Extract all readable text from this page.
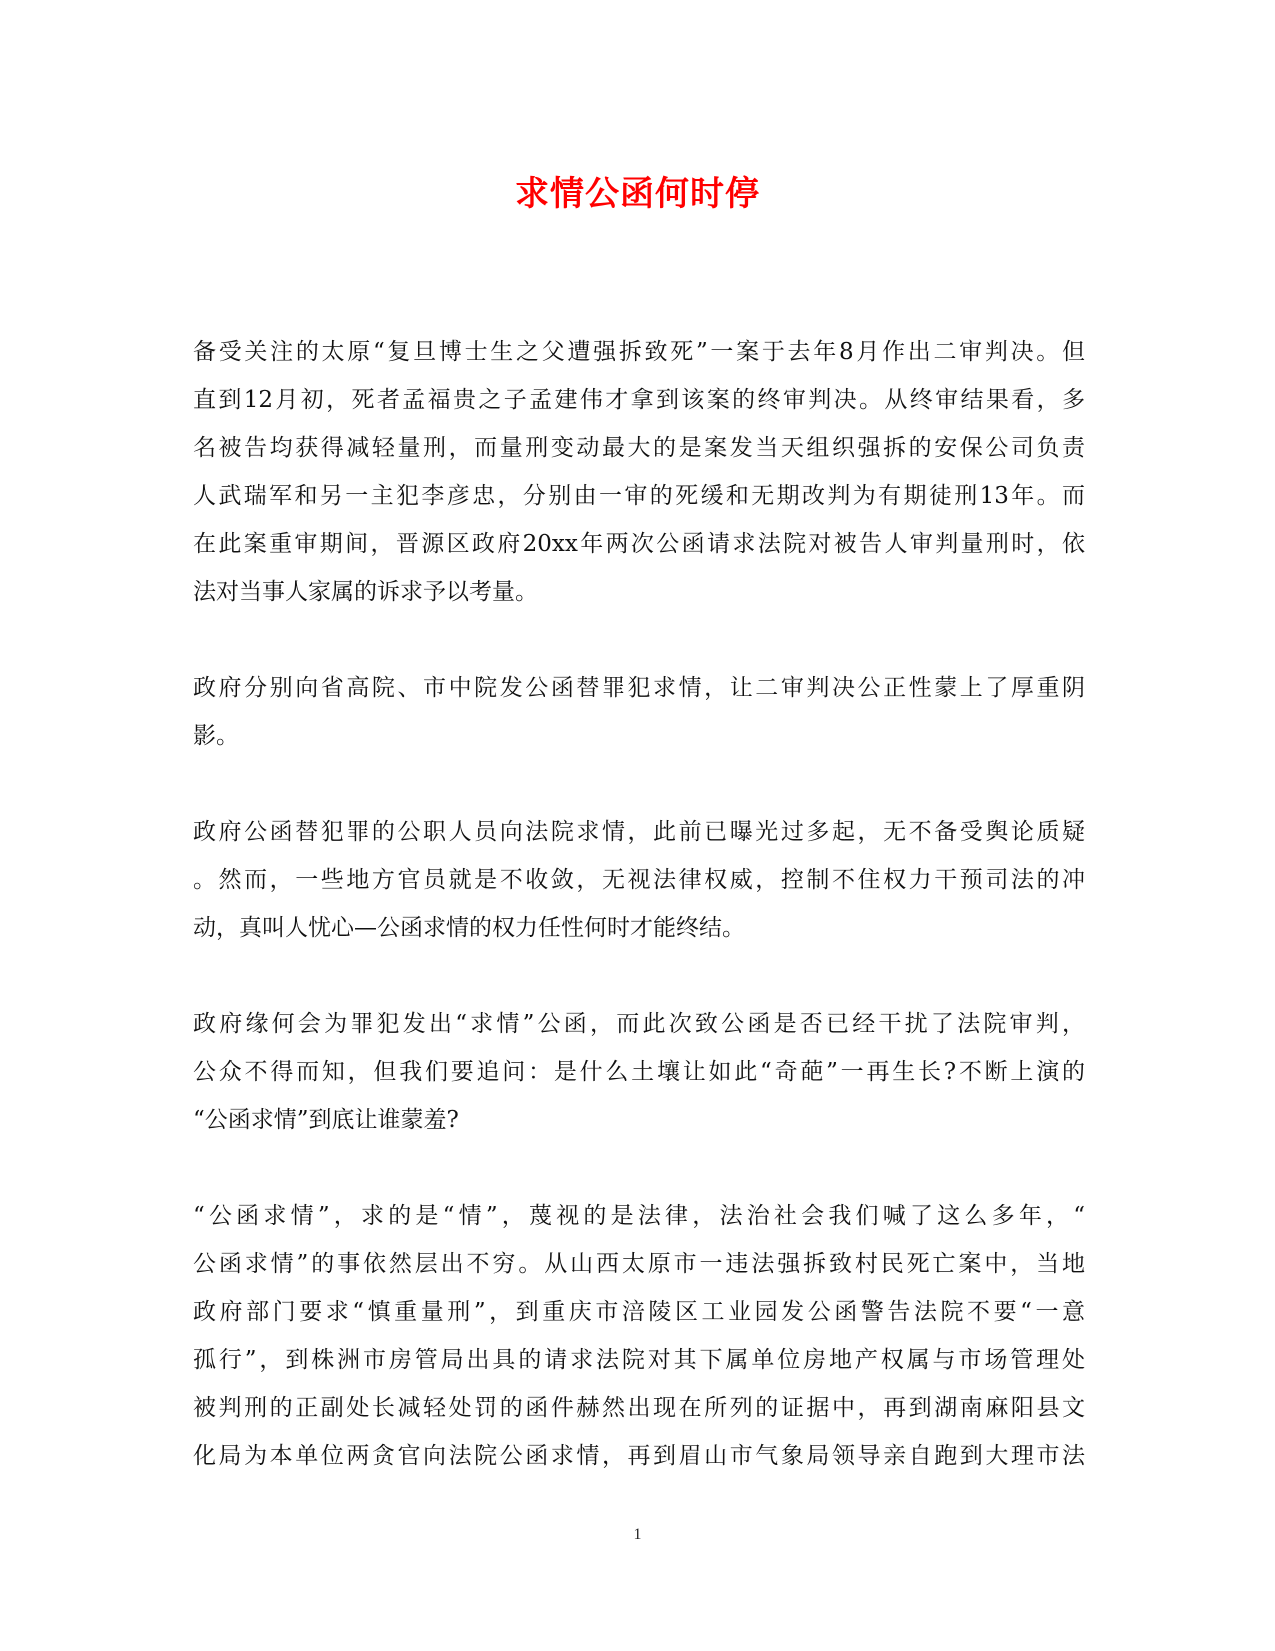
求情公函何时停
备受关注的太原“复旦博士生之父遭强拆致死”一案于去年8月作出二审判决。但
直到12月初，死者孟福贵之子孟建伟才拿到该案的终审判决。从终审结果看，多
名被告均获得减轻量刑，而量刑变动最大的是案发当天组织强拆的安保公司负责
人武瑞军和另一主犯李彦忠，分别由一审的死缓和无期改判为有期徒刑13年。而
在此案重审期间，晋源区政府20xx年两次公函请求法院对被告人审判量刑时，依
法对当事人家属的诉求予以考量。
政府分别向省高院、市中院发公函替罪犯求情，让二审判决公正性蒙上了厚重阴
影。
政府公函替犯罪的公职人员向法院求情，此前已曝光过多起，无不备受舆论质疑
。然而，一些地方官员就是不收敛，无视法律权威，控制不住权力干预司法的冲
动，真叫人忧心—公函求情的权力任性何时才能终结。
政府缘何会为罪犯发出“求情”公函，而此次致公函是否已经干扰了法院审判，
公众不得而知，但我们要追问：是什么土壤让如此“奇葩”一再生长?不断上演的
“公函求情”到底让谁蒙羞?
“公函求情”，求的是“情”，蔑视的是法律，法治社会我们喊了这么多年，“
公函求情”的事依然层出不穷。从山西太原市一违法强拆致村民死亡案中，当地
政府部门要求“慎重量刑”，到重庆市涪陵区工业园发公函警告法院不要“一意
孤行”，到株洲市房管局出具的请求法院对其下属单位房地产权属与市场管理处
被判刑的正副处长减轻处罚的函件赫然出现在所列的证据中，再到湖南麻阳县文
化局为本单位两贪官向法院公函求情，再到眉山市气象局领导亲自跑到大理市法
1
